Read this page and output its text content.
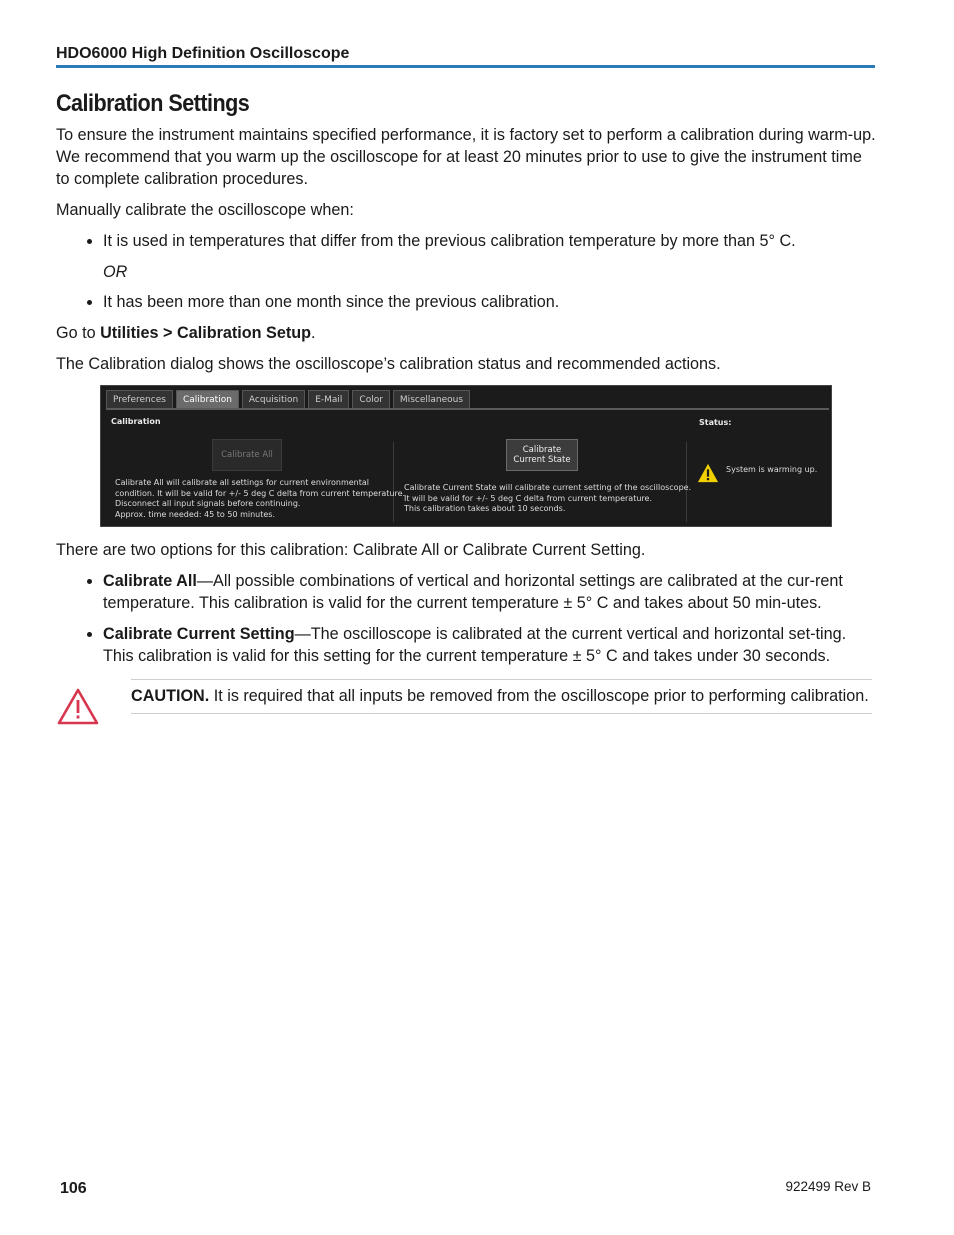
HDO6000 High Definition Oscilloscope
Calibration Settings

To ensure the instrument maintains specified performance, it is factory set to perform a calibration during warm-up. We recommend that you warm up the oscilloscope for at least 20 minutes prior to use to give the instrument time to complete calibration procedures.

Manually calibrate the oscilloscope when:

• It is used in temperatures that differ from the previous calibration temperature by more than 5° C.
OR
• It has been more than one month since the previous calibration.

Go to Utilities > Calibration Setup.

The Calibration dialog shows the oscilloscope’s calibration status and recommended actions.

Preferences	Calibration	Acquisition	E-Mail	Color	Miscellaneous
Calibration	Status:
Calibrate All	Calibrate
Current State
Calibrate All will calibrate all settings for current environmental
condition. It will be valid for +/- 5 deg C delta from current temperature.
Disconnect all input signals before continuing.
Approx. time needed: 45 to 50 minutes.
Calibrate Current State will calibrate current setting of the oscilloscope.
It will be valid for +/- 5 deg C delta from current temperature.
This calibration takes about 10 seconds.
System is warming up.

There are two options for this calibration: Calibrate All or Calibrate Current Setting.

• Calibrate All—All possible combinations of vertical and horizontal settings are calibrated at the cur-rent temperature. This calibration is valid for the current temperature ± 5° C and takes about 50 min-utes.
• Calibrate Current Setting—The oscilloscope is calibrated at the current vertical and horizontal set-ting. This calibration is valid for this setting for the current temperature ± 5° C and takes under 30 seconds.
CAUTION. It is required that all inputs be removed from the oscilloscope prior to performing calibration.
106	922499 Rev B
